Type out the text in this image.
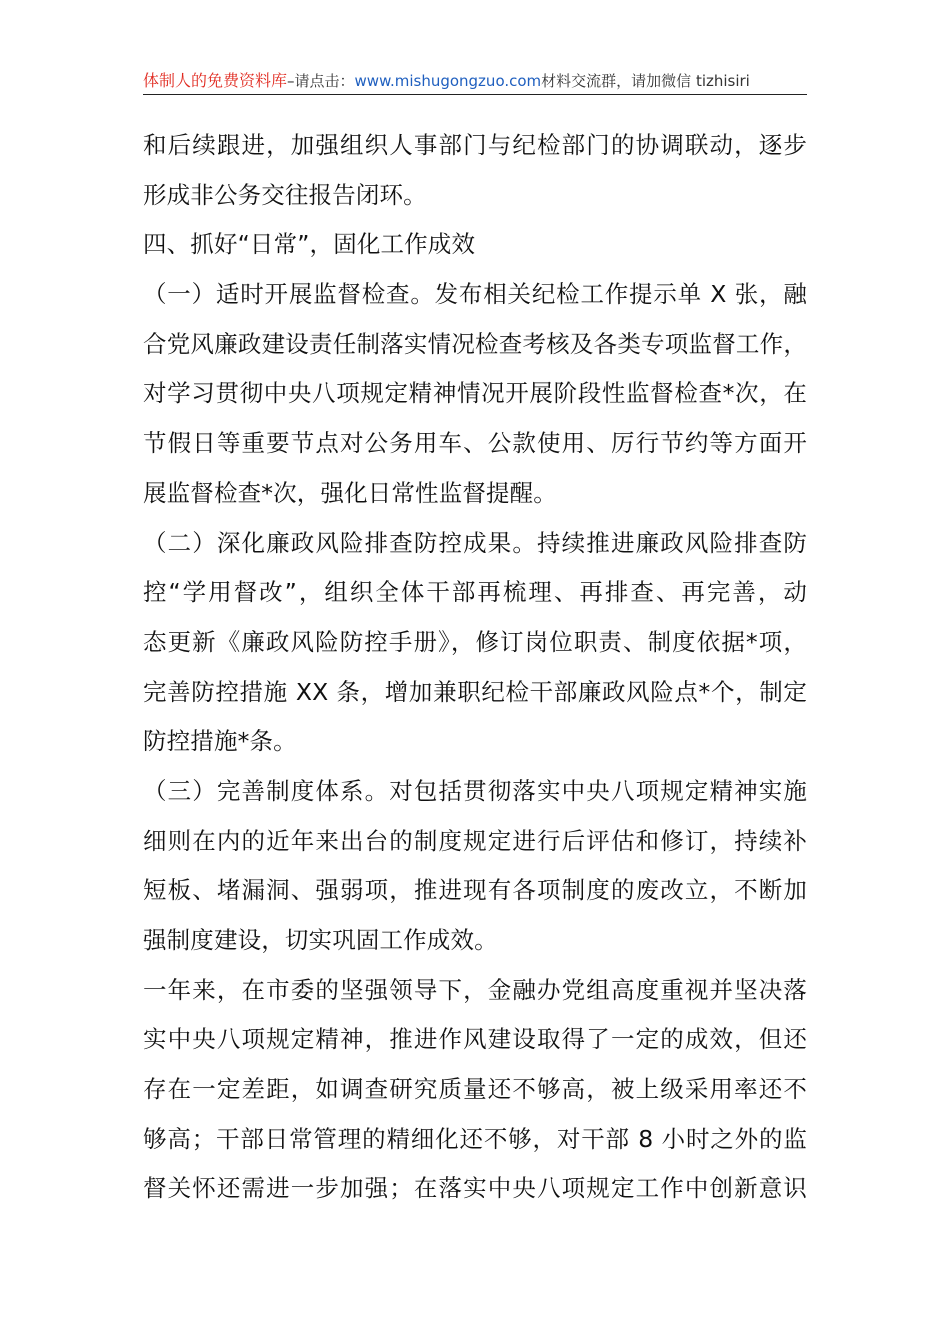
体制人的免费资料库–请点击：www.mishugongzuo.com材料交流群，请加微信 tizhisiri
和后续跟进，加强组织人事部门与纪检部门的协调联动，逐步
形成非公务交往报告闭环。
四、抓好“日常”，固化工作成效
（一）适时开展监督检查。发布相关纪检工作提示单 X 张，融
合党风廉政建设责任制落实情况检查考核及各类专项监督工作，
对学习贯彻中央八项规定精神情况开展阶段性监督检查*次，在
节假日等重要节点对公务用车、公款使用、厉行节约等方面开
展监督检查*次，强化日常性监督提醒。
（二）深化廉政风险排查防控成果。持续推进廉政风险排查防
控“学用督改”，组织全体干部再梳理、再排查、再完善，动
态更新《廉政风险防控手册》，修订岗位职责、制度依据*项，
完善防控措施 XX 条，增加兼职纪检干部廉政风险点*个，制定
防控措施*条。
（三）完善制度体系。对包括贯彻落实中央八项规定精神实施
细则在内的近年来出台的制度规定进行后评估和修订，持续补
短板、堵漏洞、强弱项，推进现有各项制度的废改立，不断加
强制度建设，切实巩固工作成效。
一年来，在市委的坚强领导下，金融办党组高度重视并坚决落
实中央八项规定精神，推进作风建设取得了一定的成效，但还
存在一定差距，如调查研究质量还不够高，被上级采用率还不
够高；干部日常管理的精细化还不够，对干部 8 小时之外的监
督关怀还需进一步加强；在落实中央八项规定工作中创新意识
